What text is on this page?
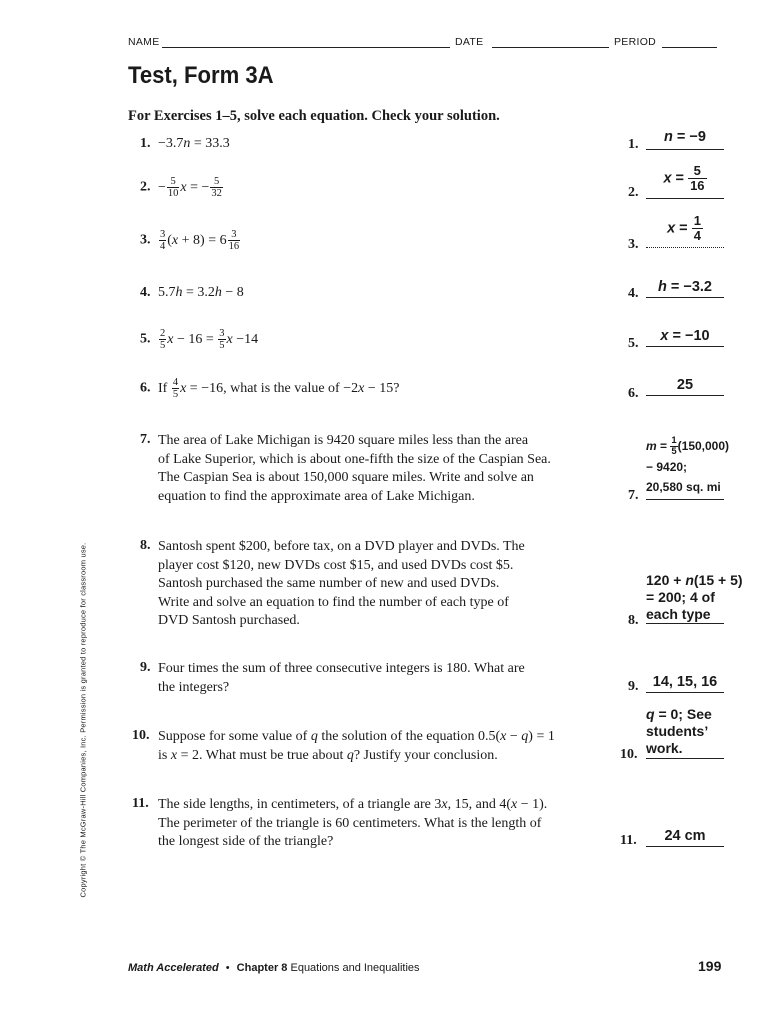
NAME	DATE	PERIOD
Test, Form 3A
For Exercises 1–5, solve each equation. Check your solution.
1.  −3.7n = 33.3
2.  − $\frac{5}{10}$ x = − $\frac{5}{32}$
3. $\frac{3}{4} (x + 8) = 6 \frac{3}{16}$
4.  5.7h = 3.2h − 8
5. $\frac{2}{5}$ $x - 16 = \frac{3}{5}$ x −14
6.  If $\frac{4}{5}$ x = −16, what is the value of −2x − 15?
7. The area of Lake Michigan is 9420 square miles less than the area
of Lake Superior, which is about one-fifth the size of the Caspian Sea.
The Caspian Sea is about 150,000 square miles. Write and solve an
equation to find the approximate area of Lake Michigan.
8. Santosh spent $200, before tax, on a DVD player and DVDs. The
player cost $120, new DVDs cost $15, and used DVDs cost $5.
Santosh purchased the same number of new and used DVDs.
Write and solve an equation to find the number of each type of
DVD Santosh purchased.
9. Four times the sum of three consecutive integers is 180. What are
the integers?
10. Suppose for some value of q the solution of the equation 0.5(x − q) = 1
is x = 2. What must be true about q? Justify your conclusion.
11. The side lengths, in centimeters, of a triangle are 3x, 15, and 4(x − 1).
The perimeter of the triangle is 60 centimeters. What is the length of
the longest side of the triangle?
1.	n = −9
2.
$x = \frac{5}{16}$
3.
$x = \frac{1}{4}$
4.	h = −3.2
5.	x = −10
6.
25
7.
$m = \frac{1}{5} (150,000)$
− 9420;
20,580 sq. mi
8.
120 + n(15 + 5)
= 200; 4 of
each type
9. 14, 15, 16
10.
q = 0; See
students’
work.
11.	24 cm
Copyright © The McGraw-Hill Companies, Inc. Permission is granted to reproduce for classroom use.
Math Accelerated • Chapter 8 Equations and Inequalities	199
